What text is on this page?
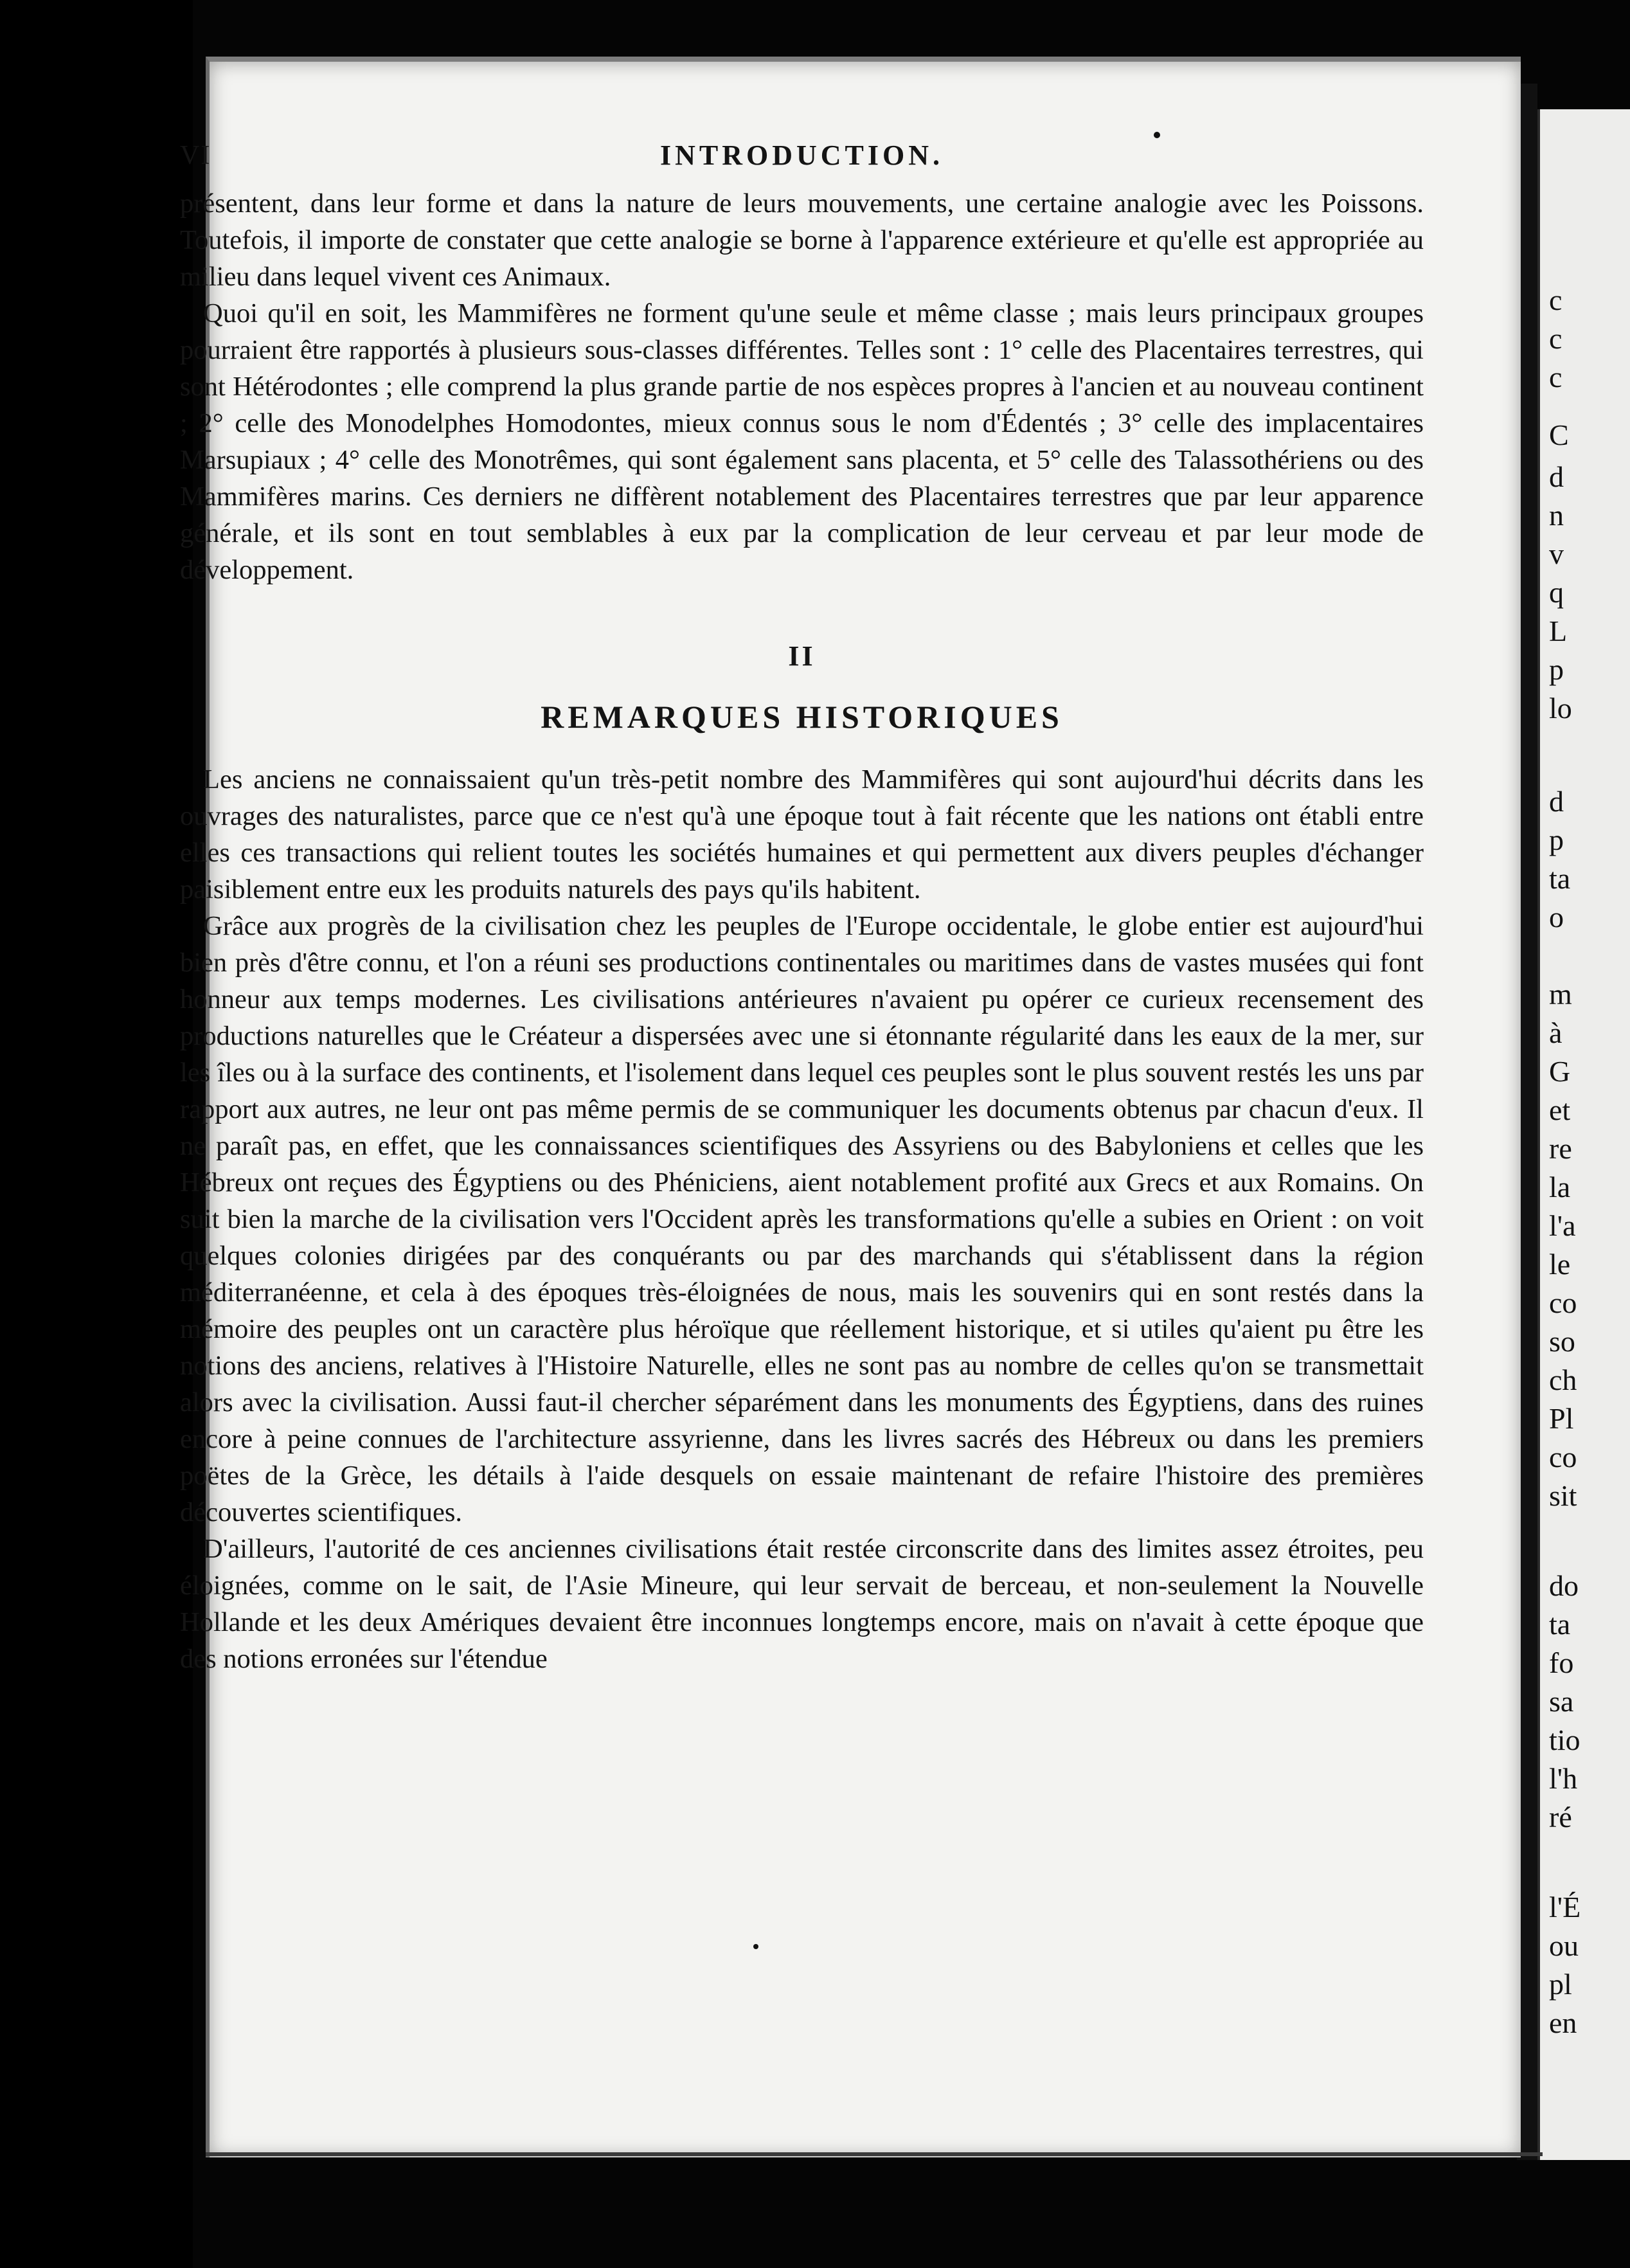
c
c
c
C
d
n
v
q
L
p
lo
d
p
ta
o
m
à
G
et
re
la
l'a
le
co
so
ch
Pl
co
sit
do
ta
fo
sa
tio
l'h
ré
l'É
ou
pl
en
VI	INTRODUCTION.

présentent, dans leur forme et dans la nature de leurs mouvements, une certaine analogie avec les Poissons. Toutefois, il importe de constater que cette analogie se borne à l'apparence extérieure et qu'elle est appropriée au milieu dans lequel vivent ces Animaux.

Quoi qu'il en soit, les Mammifères ne forment qu'une seule et même classe ; mais leurs principaux groupes pourraient être rapportés à plusieurs sous-classes différentes. Telles sont : 1° celle des Placentaires terrestres, qui sont Hétérodontes ; elle comprend la plus grande partie de nos espèces propres à l'ancien et au nouveau continent ; 2° celle des Monodelphes Homodontes, mieux connus sous le nom d'Édentés ; 3° celle des implacentaires Marsupiaux ; 4° celle des Monotrêmes, qui sont également sans placenta, et 5° celle des Talassothériens ou des Mammifères marins. Ces derniers ne diffèrent notablement des Placentaires terrestres que par leur apparence générale, et ils sont en tout semblables à eux par la complication de leur cerveau et par leur mode de développement.

II
REMARQUES HISTORIQUES

Les anciens ne connaissaient qu'un très-petit nombre des Mammifères qui sont aujourd'hui décrits dans les ouvrages des naturalistes, parce que ce n'est qu'à une époque tout à fait récente que les nations ont établi entre elles ces transactions qui relient toutes les sociétés humaines et qui permettent aux divers peuples d'échanger paisiblement entre eux les produits naturels des pays qu'ils habitent.

Grâce aux progrès de la civilisation chez les peuples de l'Europe occidentale, le globe entier est aujourd'hui bien près d'être connu, et l'on a réuni ses productions continentales ou maritimes dans de vastes musées qui font honneur aux temps modernes. Les civilisations antérieures n'avaient pu opérer ce curieux recensement des productions naturelles que le Créateur a dispersées avec une si étonnante régularité dans les eaux de la mer, sur les îles ou à la surface des continents, et l'isolement dans lequel ces peuples sont le plus souvent restés les uns par rapport aux autres, ne leur ont pas même permis de se communiquer les documents obtenus par chacun d'eux. Il ne paraît pas, en effet, que les connaissances scientifiques des Assyriens ou des Babyloniens et celles que les Hébreux ont reçues des Égyptiens ou des Phéniciens, aient notablement profité aux Grecs et aux Romains. On suit bien la marche de la civilisation vers l'Occident après les transformations qu'elle a subies en Orient : on voit quelques colonies dirigées par des conquérants ou par des marchands qui s'établissent dans la région méditerranéenne, et cela à des époques très-éloignées de nous, mais les souvenirs qui en sont restés dans la mémoire des peuples ont un caractère plus héroïque que réellement historique, et si utiles qu'aient pu être les notions des anciens, relatives à l'Histoire Naturelle, elles ne sont pas au nombre de celles qu'on se transmettait alors avec la civilisation. Aussi faut-il chercher séparément dans les monuments des Égyptiens, dans des ruines encore à peine connues de l'architecture assyrienne, dans les livres sacrés des Hébreux ou dans les premiers poëtes de la Grèce, les détails à l'aide desquels on essaie maintenant de refaire l'histoire des premières découvertes scientifiques.

D'ailleurs, l'autorité de ces anciennes civilisations était restée circonscrite dans des limites assez étroites, peu éloignées, comme on le sait, de l'Asie Mineure, qui leur servait de berceau, et non-seulement la Nouvelle Hollande et les deux Amériques devaient être inconnues longtemps encore, mais on n'avait à cette époque que des notions erronées sur l'étendue
